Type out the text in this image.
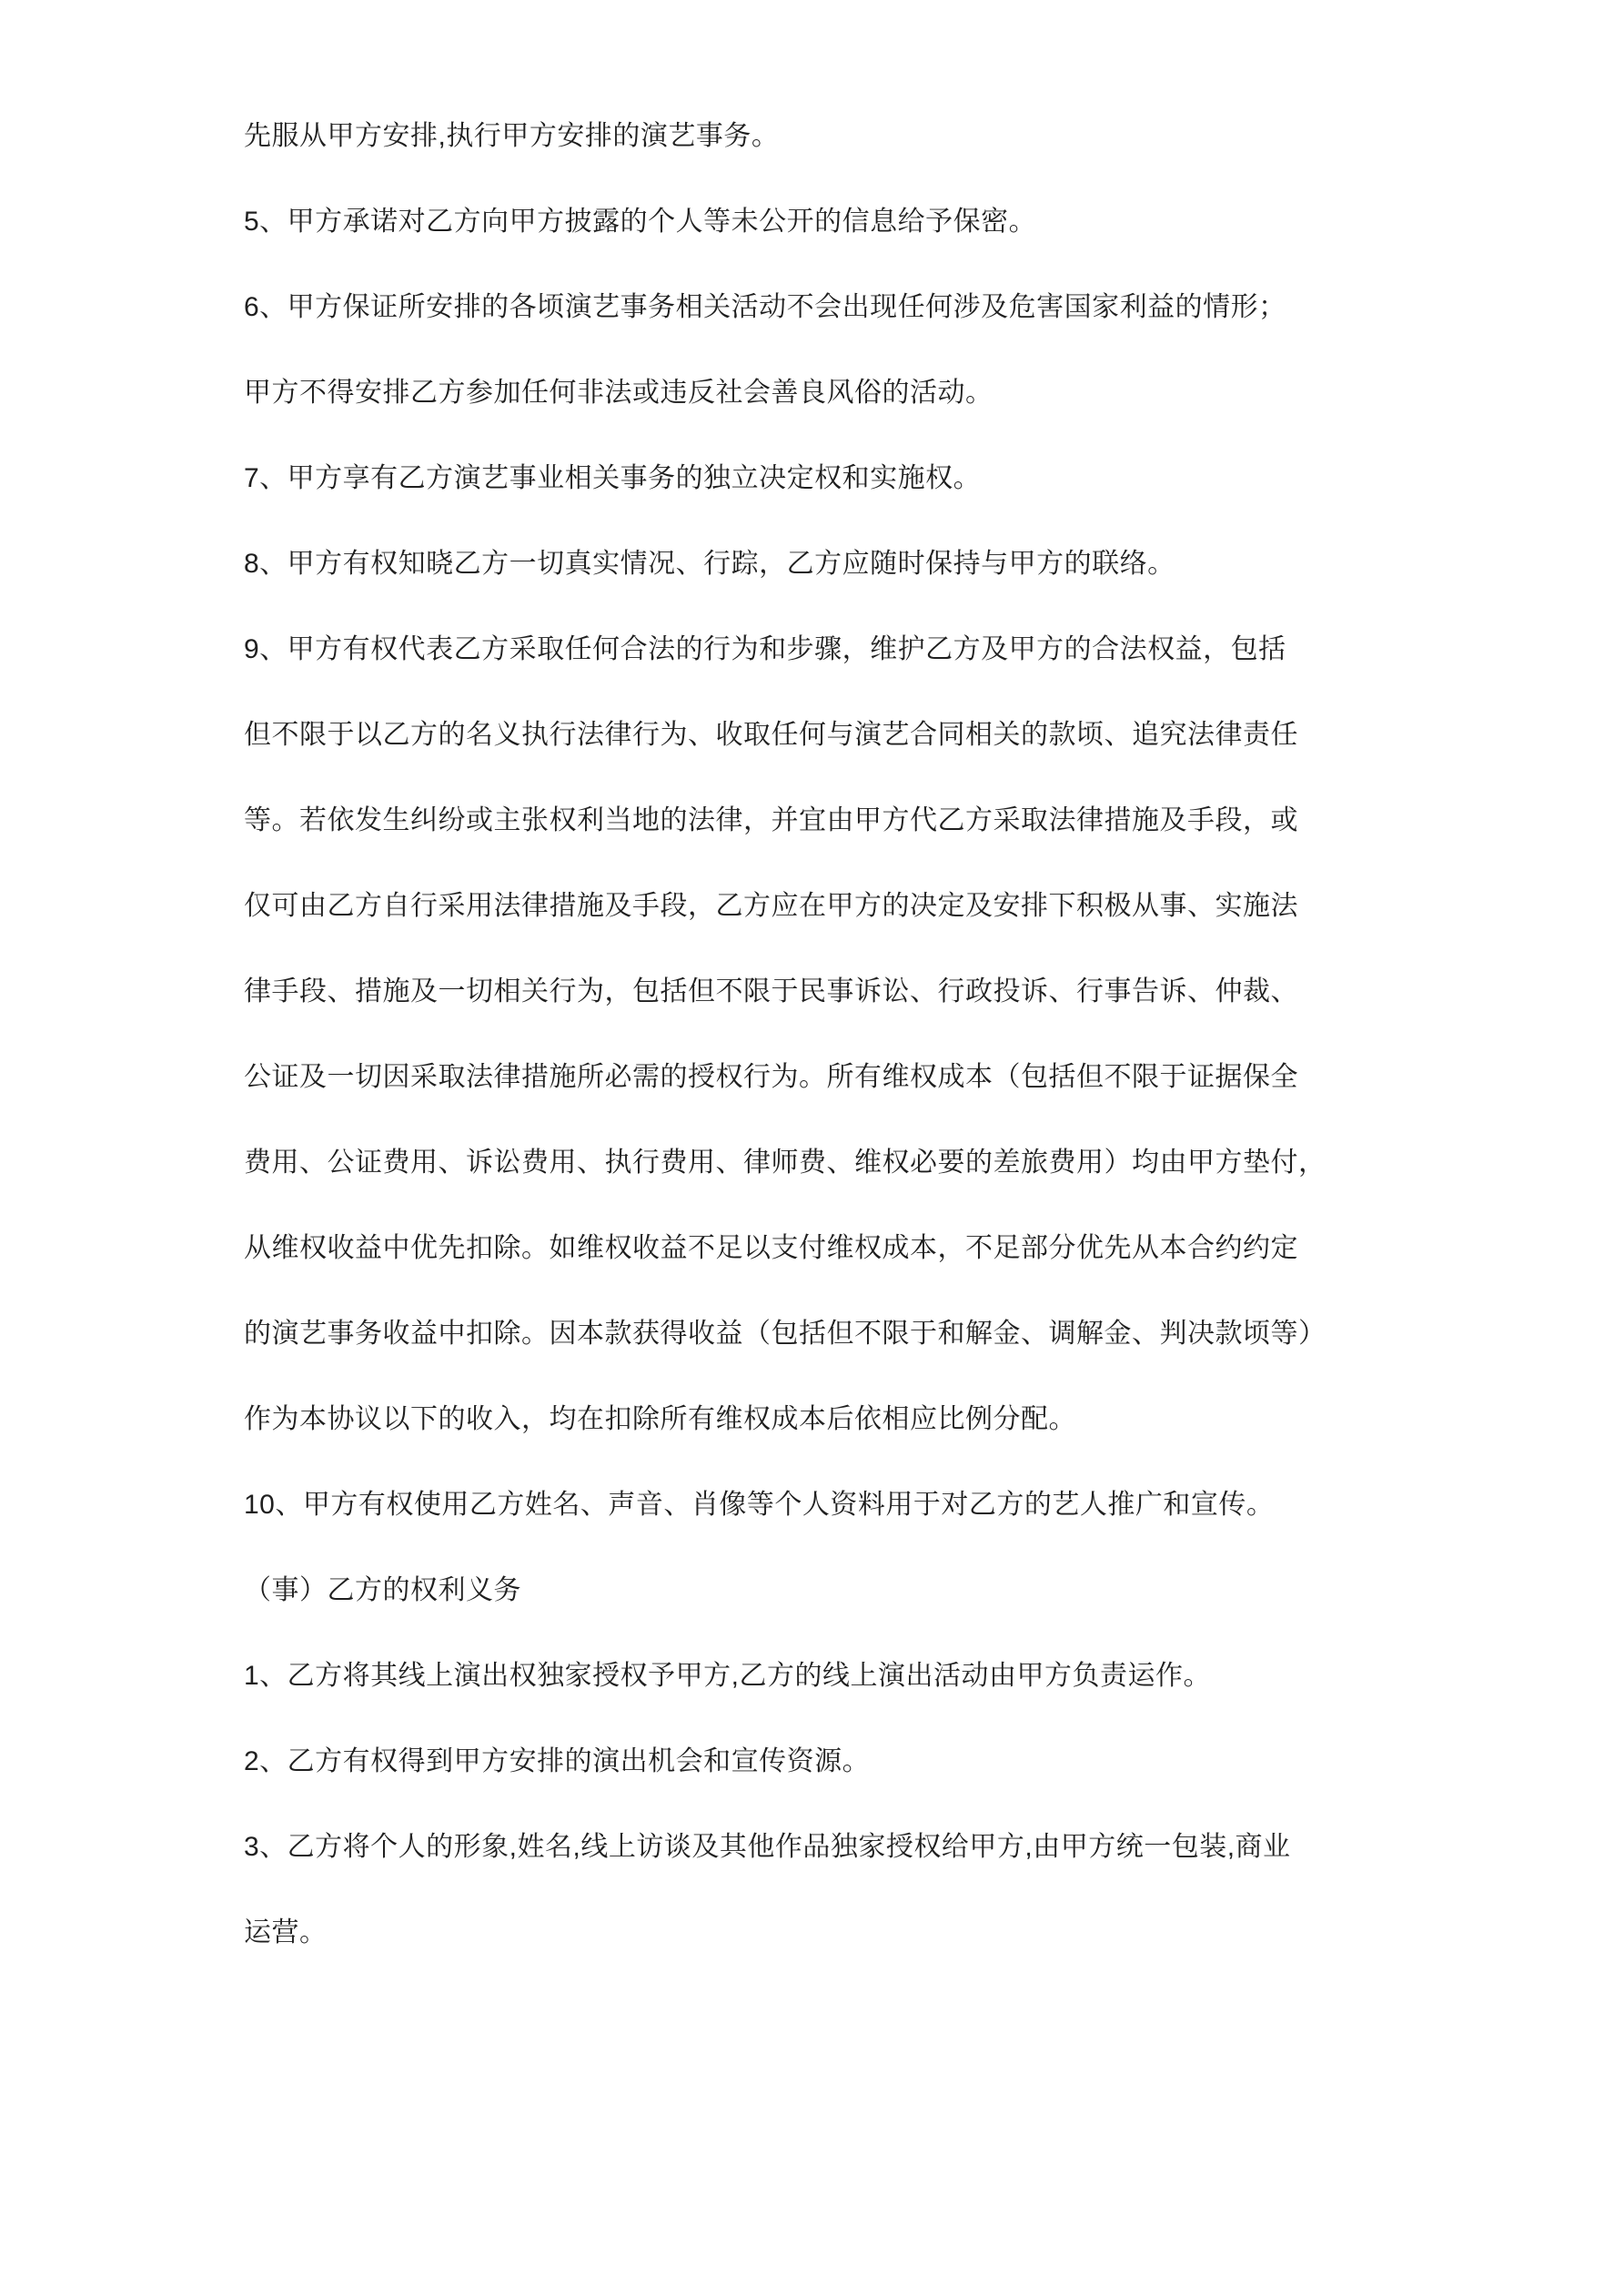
先服从甲方安排,执行甲方安排的演艺事务。
5、甲方承诺对乙方向甲方披露的个人等未公开的信息给予保密。
6、甲方保证所安排的各顷演艺事务相关活动不会出现任何涉及危害国家利益的情形；
甲方不得安排乙方参加任何非法或违反社会善良风俗的活动。
7、甲方享有乙方演艺事业相关事务的独立决定权和实施权。
8、甲方有权知晓乙方一切真实情况、行踪，乙方应随时保持与甲方的联络。
9、甲方有权代表乙方采取任何合法的行为和步骤，维护乙方及甲方的合法权益，包括
但不限于以乙方的名义执行法律行为、收取任何与演艺合同相关的款顷、追究法律责任
等。若依发生纠纷或主张权利当地的法律，并宜由甲方代乙方采取法律措施及手段，或
仅可由乙方自行采用法律措施及手段，乙方应在甲方的决定及安排下积极从事、实施法
律手段、措施及一切相关行为，包括但不限于民事诉讼、行政投诉、行事告诉、仲裁、
公证及一切因采取法律措施所必需的授权行为。所有维权成本（包括但不限于证据保全
费用、公证费用、诉讼费用、执行费用、律师费、维权必要的差旅费用）均由甲方垫付，
从维权收益中优先扣除。如维权收益不足以支付维权成本，不足部分优先从本合约约定
的演艺事务收益中扣除。因本款获得收益（包括但不限于和解金、调解金、判决款顷等）
作为本协议以下的收入，均在扣除所有维权成本后依相应比例分配。
10、甲方有权使用乙方姓名、声音、肖像等个人资料用于对乙方的艺人推广和宣传。
（事）乙方的权利义务
1、乙方将其线上演出权独家授权予甲方,乙方的线上演出活动由甲方负责运作。
2、乙方有权得到甲方安排的演出机会和宣传资源。
3、乙方将个人的形象,姓名,线上访谈及其他作品独家授权给甲方,由甲方统一包装,商业
运营。
